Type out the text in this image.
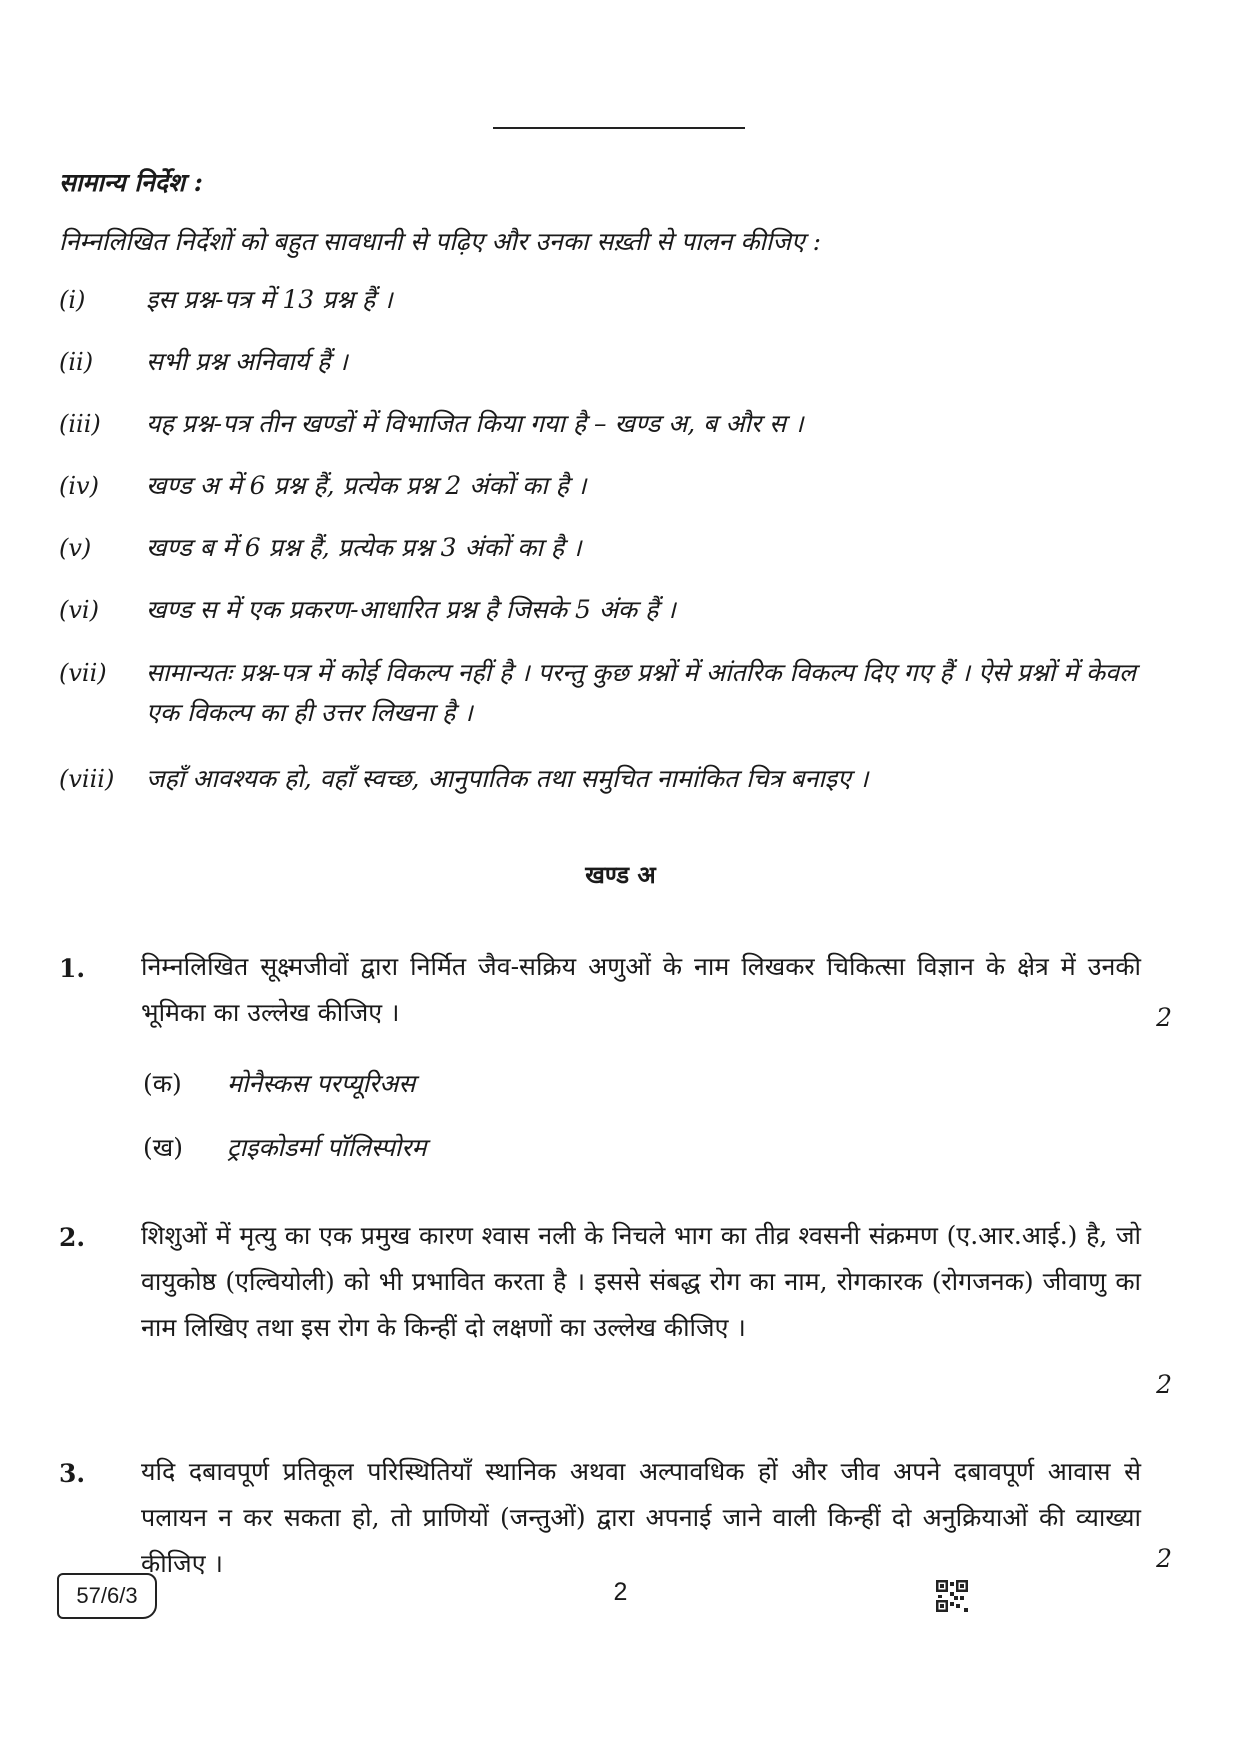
सामान्य निर्देश :
निम्नलिखित निर्देशों को बहुत सावधानी से पढ़िए और उनका सख़्ती से पालन कीजिए :
(i) इस प्रश्न-पत्र में 13 प्रश्न हैं ।
(ii) सभी प्रश्न अनिवार्य हैं ।
(iii) यह प्रश्न-पत्र तीन खण्डों में विभाजित किया गया है – खण्ड अ, ब और स ।
(iv) खण्ड अ में 6 प्रश्न हैं, प्रत्येक प्रश्न 2 अंकों का है ।
(v) खण्ड ब में 6 प्रश्न हैं, प्रत्येक प्रश्न 3 अंकों का है ।
(vi) खण्ड स में एक प्रकरण-आधारित प्रश्न है जिसके 5 अंक हैं ।
(vii) सामान्यतः प्रश्न-पत्र में कोई विकल्प नहीं है । परन्तु कुछ प्रश्नों में आंतरिक विकल्प दिए गए हैं । ऐसे प्रश्नों में केवल एक विकल्प का ही उत्तर लिखना है ।
(viii) जहाँ आवश्यक हो, वहाँ स्वच्छ, आनुपातिक तथा समुचित नामांकित चित्र बनाइए ।
खण्ड अ
1. निम्नलिखित सूक्ष्मजीवों द्वारा निर्मित जैव-सक्रिय अणुओं के नाम लिखकर चिकित्सा विज्ञान के क्षेत्र में उनकी भूमिका का उल्लेख कीजिए ।	2
(क) मोनैस्कस परप्यूरिअस
(ख) ट्राइकोडर्मा पॉलिस्पोरम
2. शिशुओं में मृत्यु का एक प्रमुख कारण श्वास नली के निचले भाग का तीव्र श्वसनी संक्रमण (ए.आर.आई.) है, जो वायुकोष्ठ (एल्वियोली) को भी प्रभावित करता है । इससे संबद्ध रोग का नाम, रोगकारक (रोगजनक) जीवाणु का नाम लिखिए तथा इस रोग के किन्हीं दो लक्षणों का उल्लेख कीजिए ।
2
3. यदि दबावपूर्ण प्रतिकूल परिस्थितियाँ स्थानिक अथवा अल्पावधिक हों और जीव अपने दबावपूर्ण आवास से पलायन न कर सकता हो, तो प्राणियों (जन्तुओं) द्वारा अपनाई जाने वाली किन्हीं दो अनुक्रियाओं की व्याख्या कीजिए ।	2
57/6/3	2
